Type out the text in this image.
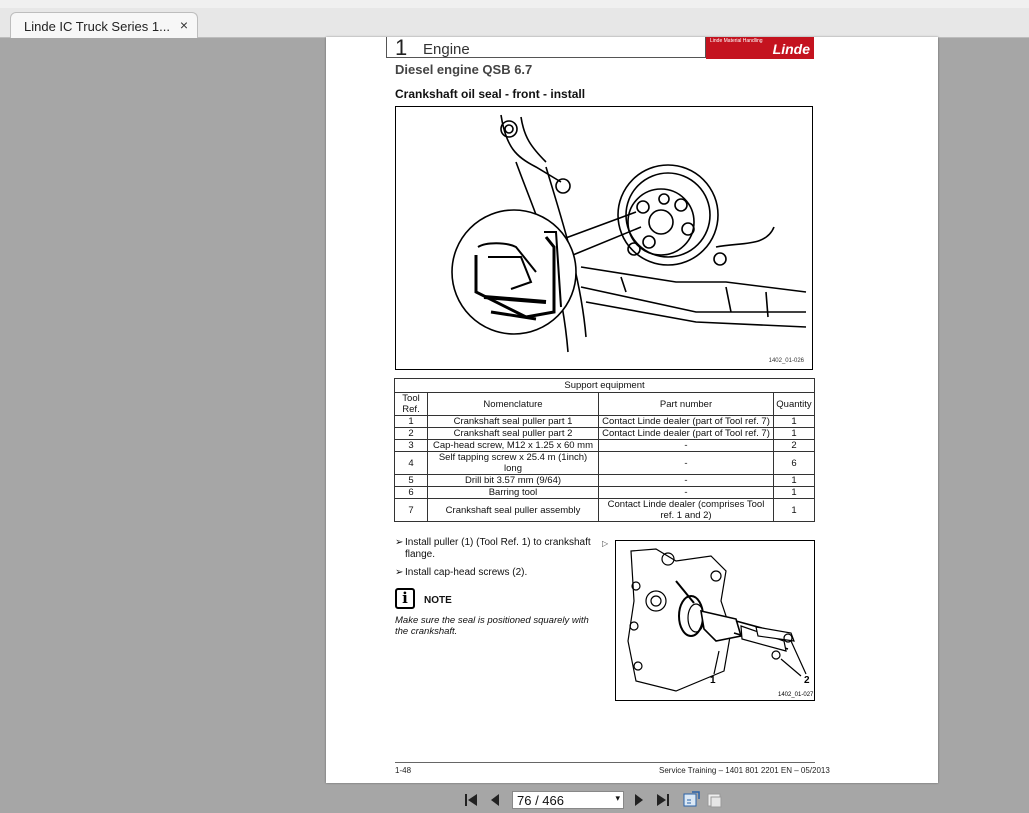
Linde IC Truck Series 1... ×
1 Engine	Linde Material Handling Linde
Diesel engine QSB 6.7
Crankshaft oil seal - front - install
1402_01-026
Support equipment			
Tool Ref.	Nomenclature	Part number	Quantity
1	Crankshaft seal puller part 1	Contact Linde dealer (part of Tool ref. 7)	1
2	Crankshaft seal puller part 2	Contact Linde dealer (part of Tool ref. 7)	1
3	Cap-head screw, M12 x 1.25 x 60 mm	-	2
4	Self tapping screw x 25.4 m (1inch) long	-	6
5	Drill bit 3.57 mm (9/64)	-	1
6	Barring tool	-	1
7	Crankshaft seal puller assembly	Contact Linde dealer (comprises Tool ref. 1 and 2)	1
➢ Install puller (1) (Tool Ref. 1) to crankshaft flange.
➢ Install cap-head screws (2).
▷
i	NOTE
Make sure the seal is positioned squarely with the crankshaft.
1	2
1402_01-027
1-48	Service Training – 1401 801 2201 EN – 05/2013
76 / 466	▾
